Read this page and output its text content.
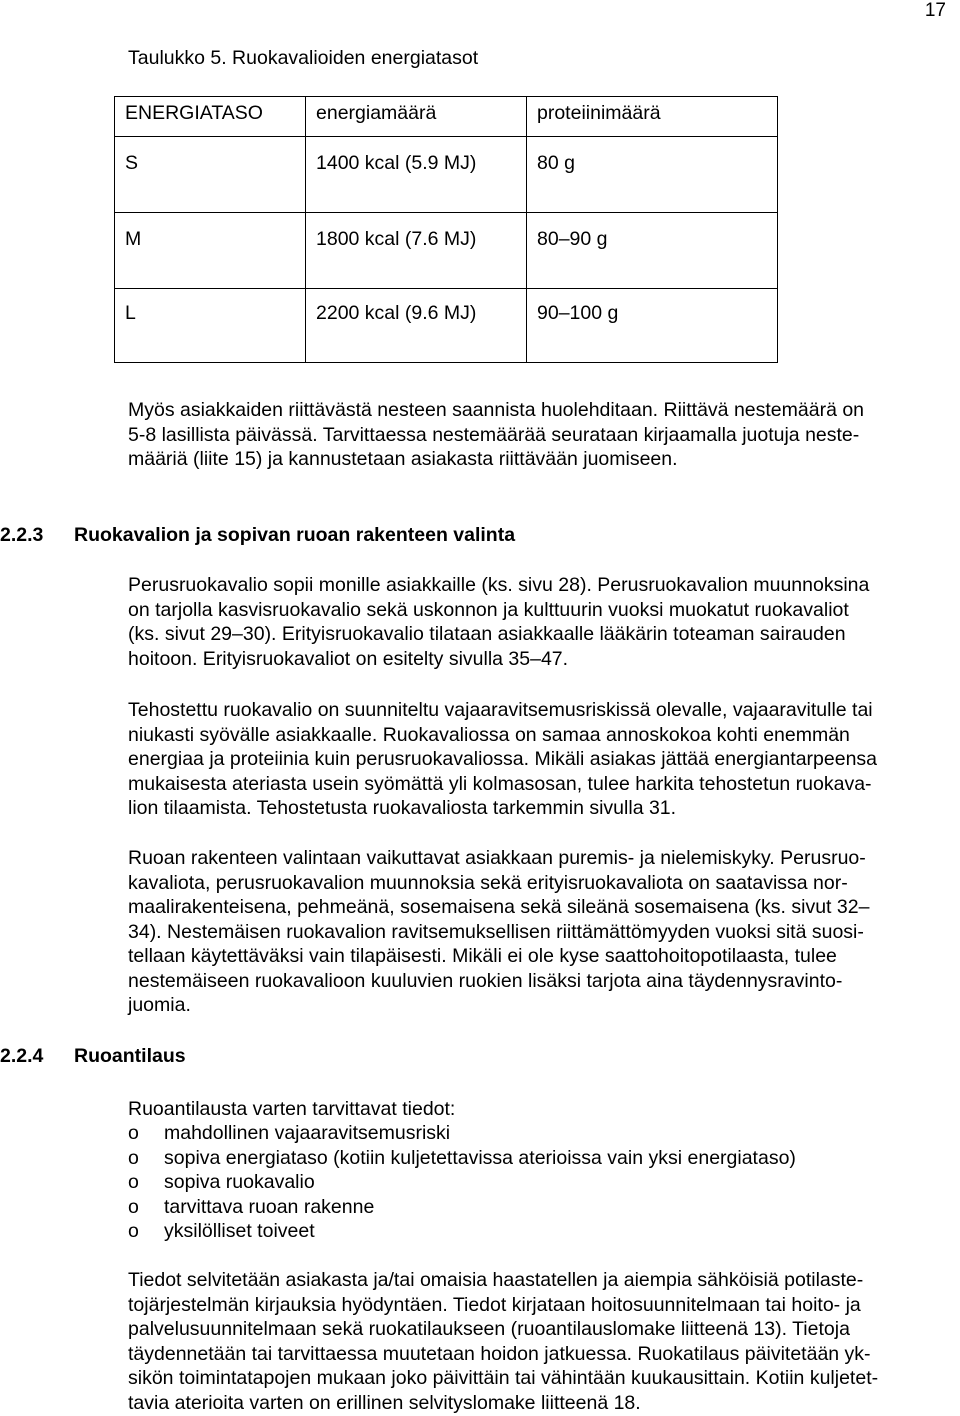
17
Taulukko 5. Ruokavalioiden energiatasot
ENERGIATASO	energiamäärä	proteiinimäärä
S	1400 kcal (5.9 MJ)	80 g
M	1800 kcal (7.6 MJ)	80–90 g
L	2200 kcal (9.6 MJ)	90–100 g
Myös asiakkaiden riittävästä nesteen saannista huolehditaan. Riittävä nestemäärä on
5-8 lasillista päivässä. Tarvittaessa nestemäärää seurataan kirjaamalla juotuja neste-
määriä (liite 15) ja kannustetaan asiakasta riittävään juomiseen.
2.2.3 Ruokavalion ja sopivan ruoan rakenteen valinta
Perusruokavalio sopii monille asiakkaille (ks. sivu 28). Perusruokavalion muunnoksina
on tarjolla kasvisruokavalio sekä uskonnon ja kulttuurin vuoksi muokatut ruokavaliot
(ks. sivut 29–30). Erityisruokavalio tilataan asiakkaalle lääkärin toteaman sairauden
hoitoon. Erityisruokavaliot on esitelty sivulla 35–47.
Tehostettu ruokavalio on suunniteltu vajaaravitsemusriskissä olevalle, vajaaravitulle tai
niukasti syövälle asiakkaalle. Ruokavaliossa on samaa annoskokoa kohti enemmän
energiaa ja proteiinia kuin perusruokavaliossa. Mikäli asiakas jättää energiantarpeensa
mukaisesta ateriasta usein syömättä yli kolmasosan, tulee harkita tehostetun ruokava-
lion tilaamista. Tehostetusta ruokavaliosta tarkemmin sivulla 31.
Ruoan rakenteen valintaan vaikuttavat asiakkaan puremis- ja nielemiskyky. Perusruo-
kavaliota, perusruokavalion muunnoksia sekä erityisruokavaliota on saatavissa nor-
maalirakenteisena, pehmeänä, sosemaisena sekä sileänä sosemaisena (ks. sivut 32–
34). Nestemäisen ruokavalion ravitsemuksellisen riittämättömyyden vuoksi sitä suosi-
tellaan käytettäväksi vain tilapäisesti. Mikäli ei ole kyse saattohoitopotilaasta, tulee
nestemäiseen ruokavalioon kuuluvien ruokien lisäksi tarjota aina täydennysravinto-
juomia.
2.2.4 Ruoantilaus
Ruoantilausta varten tarvittavat tiedot:
o	mahdollinen vajaaravitsemusriski
o	sopiva energiataso (kotiin kuljetettavissa aterioissa vain yksi energiataso)
o	sopiva ruokavalio
o	tarvittava ruoan rakenne
o	yksilölliset toiveet
Tiedot selvitetään asiakasta ja/tai omaisia haastatellen ja aiempia sähköisiä potilaste-
tojärjestelmän kirjauksia hyödyntäen. Tiedot kirjataan hoitosuunnitelmaan tai hoito- ja
palvelusuunnitelmaan sekä ruokatilaukseen (ruoantilauslomake liitteenä 13). Tietoja
täydennetään tai tarvittaessa muutetaan hoidon jatkuessa. Ruokatilaus päivitetään yk-
sikön toimintatapojen mukaan joko päivittäin tai vähintään kuukausittain. Kotiin kuljetet-
tavia aterioita varten on erillinen selvityslomake liitteenä 18.
